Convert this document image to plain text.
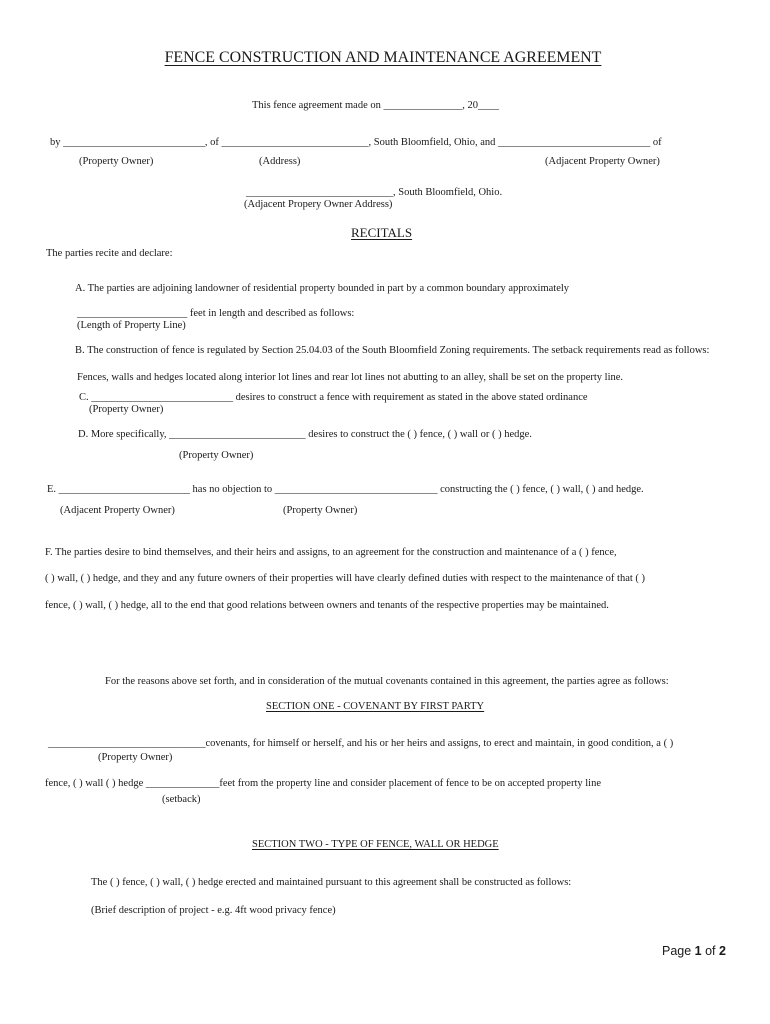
FENCE CONSTRUCTION AND MAINTENANCE AGREEMENT
This fence agreement made on _______________, 20____
by ___________________________, of ____________________________, South Bloomfield, Ohio, and _____________________________ of
(Property Owner)	(Address)	(Adjacent Property Owner)
____________________________, South Bloomfield, Ohio.
(Adjacent Propery Owner Address)
RECITALS
The parties recite and declare:
A. The parties are adjoining landowner of residential property bounded in part by a common boundary approximately
_____________________ feet in length and described as follows:
(Length of Property Line)
B. The construction of fence is regulated by Section 25.04.03 of the South Bloomfield Zoning requirements. The setback requirements read as follows:
Fences, walls and hedges located along interior lot lines and rear lot lines not abutting to an alley, shall be set on the property line.
C. ___________________________ desires to construct a fence with requirement as stated in the above stated ordinance
(Property Owner)
D. More specifically, __________________________ desires to construct the ( ) fence, ( ) wall or ( ) hedge.
(Property Owner)
E. _________________________ has no objection to _______________________________ constructing the ( ) fence, ( ) wall, ( ) and hedge.
(Adjacent Property Owner)	(Property Owner)
F. The parties desire to bind themselves, and their heirs and assigns, to an agreement for the construction and maintenance of a ( ) fence,
( ) wall, ( ) hedge, and they and any future owners of their properties will have clearly defined duties with respect to the maintenance of that ( )
fence, ( ) wall, ( ) hedge, all to the end that good relations between owners and tenants of the respective properties may be maintained.
For the reasons above set forth, and in consideration of the mutual covenants contained in this agreement, the parties agree as follows:
SECTION ONE - COVENANT BY FIRST PARTY
______________________________covenants, for himself or herself, and his or her heirs and assigns, to erect and maintain, in good condition, a ( )
(Property Owner)
fence, ( ) wall ( ) hedge ______________feet from the property line and consider placement of fence to be on accepted property line
(setback)
SECTION TWO - TYPE OF FENCE, WALL OR HEDGE
The ( ) fence, ( ) wall, ( ) hedge erected and maintained pursuant to this agreement shall be constructed as follows:
(Brief description of project - e.g. 4ft wood privacy fence)
Page 1 of 2
